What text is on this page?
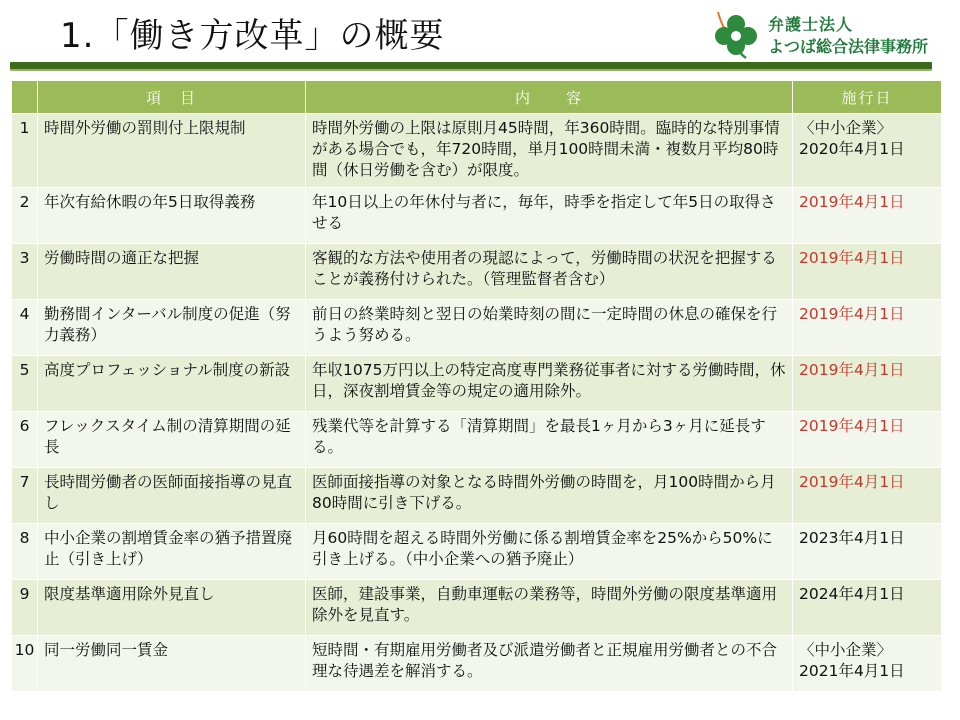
1.「働き方改革」の概要	弁護士法人
よつば総合法律事務所
	項　目	内　　容	施行日
1	時間外労働の罰則付上限規制	時間外労働の上限は原則月45時間，年360時間。臨時的な特別事情がある場合でも，年720時間，単月100時間未満・複数月平均80時間（休日労働を含む）が限度。	〈中小企業〉
2020年4月1日
2	年次有給休暇の年5日取得義務	年10日以上の年休付与者に，毎年，時季を指定して年5日の取得させる	2019年4月1日
3	労働時間の適正な把握	客観的な方法や使用者の現認によって，労働時間の状況を把握することが義務付けられた。（管理監督者含む）	2019年4月1日
4	勤務間インターバル制度の促進（努力義務）	前日の終業時刻と翌日の始業時刻の間に一定時間の休息の確保を行うよう努める。	2019年4月1日
5	高度プロフェッショナル制度の新設	年収1075万円以上の特定高度専門業務従事者に対する労働時間，休日，深夜割増賃金等の規定の適用除外。	2019年4月1日
6	フレックスタイム制の清算期間の延長	残業代等を計算する「清算期間」を最長1ヶ月から3ヶ月に延長する。	2019年4月1日
7	長時間労働者の医師面接指導の見直し	医師面接指導の対象となる時間外労働の時間を，月100時間から月80時間に引き下げる。	2019年4月1日
8	中小企業の割増賃金率の猶予措置廃止（引き上げ）	月60時間を超える時間外労働に係る割増賃金率を25%から50%に引き上げる。（中小企業への猶予廃止）	2023年4月1日
9	限度基準適用除外見直し	医師，建設事業，自動車運転の業務等，時間外労働の限度基準適用除外を見直す。	2024年4月1日
10	同一労働同一賃金	短時間・有期雇用労働者及び派遣労働者と正規雇用労働者との不合理な待遇差を解消する。	〈中小企業〉
2021年4月1日
